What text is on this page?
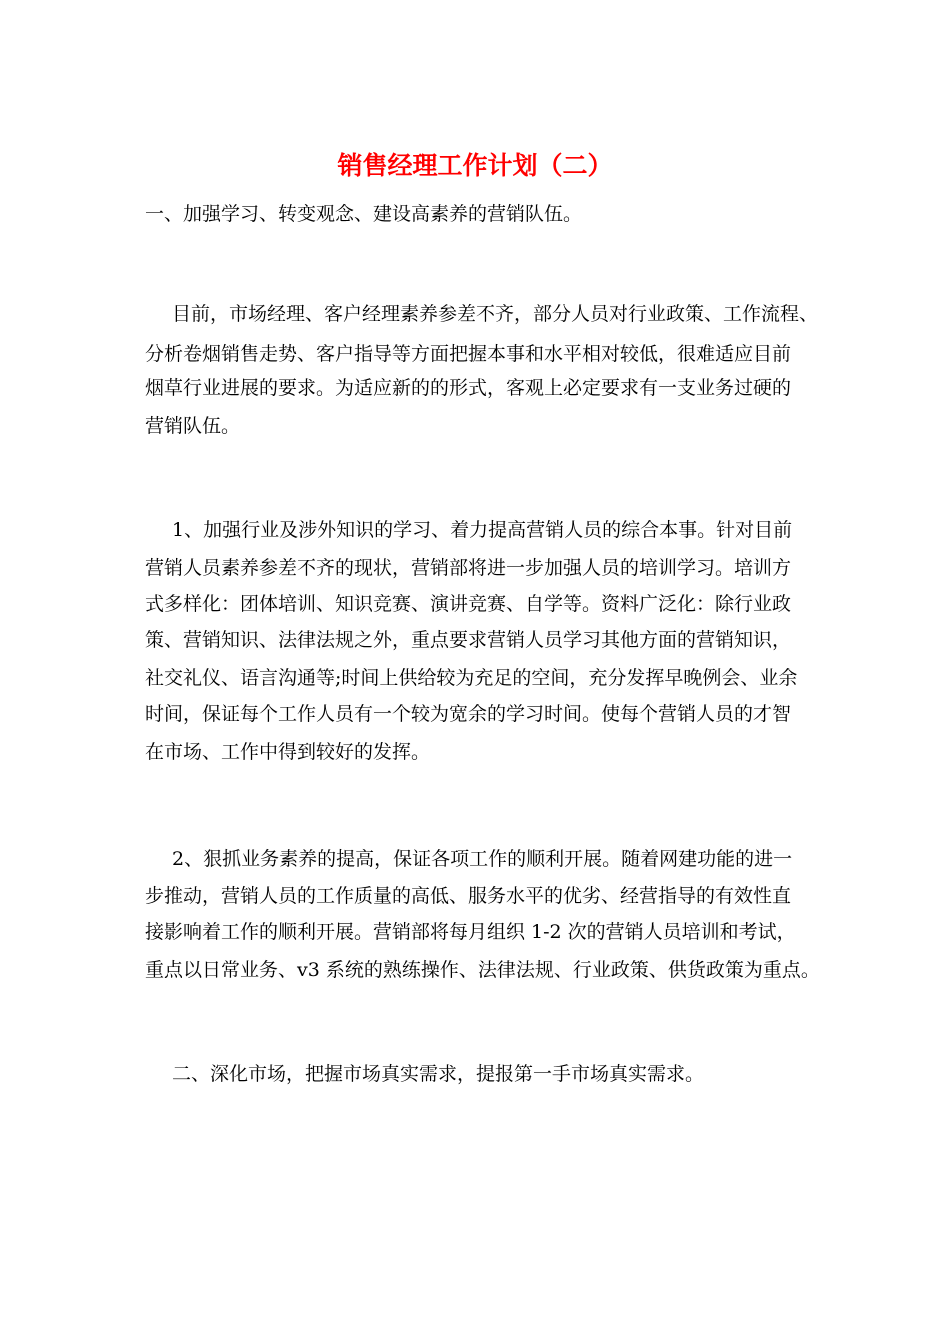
销售经理工作计划（二）

一、加强学习、转变观念、建设高素养的营销队伍。

目前，市场经理、客户经理素养参差不齐，部分人员对行业政策、工作流程、

分析卷烟销售走势、客户指导等方面把握本事和水平相对较低，很难适应目前

烟草行业进展的要求。为适应新的的形式，客观上必定要求有一支业务过硬的

营销队伍。

1、加强行业及涉外知识的学习、着力提高营销人员的综合本事。针对目前

营销人员素养参差不齐的现状，营销部将进一步加强人员的培训学习。培训方

式多样化：团体培训、知识竞赛、演讲竞赛、自学等。资料广泛化：除行业政

策、营销知识、法律法规之外，重点要求营销人员学习其他方面的营销知识，

社交礼仪、语言沟通等;时间上供给较为充足的空间，充分发挥早晚例会、业余

时间，保证每个工作人员有一个较为宽余的学习时间。使每个营销人员的才智

在市场、工作中得到较好的发挥。

2、狠抓业务素养的提高，保证各项工作的顺利开展。随着网建功能的进一

步推动，营销人员的工作质量的高低、服务水平的优劣、经营指导的有效性直

接影响着工作的顺利开展。营销部将每月组织 1-2 次的营销人员培训和考试，

重点以日常业务、v3 系统的熟练操作、法律法规、行业政策、供货政策为重点。

二、深化市场，把握市场真实需求，提报第一手市场真实需求。
